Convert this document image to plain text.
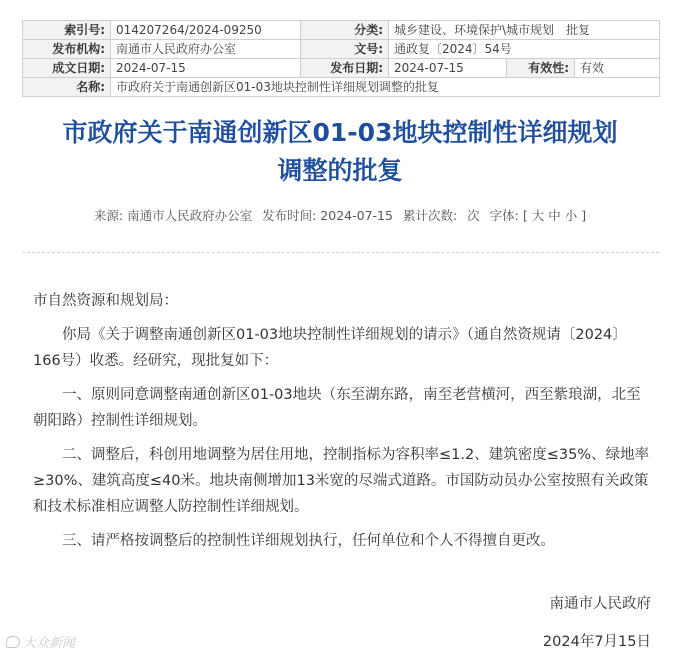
索引号:	014207264/2024-09250	分类:	城乡建设、环境保护\城市规划　批复		
发布机构:	南通市人民政府办公室	文号:	通政复〔2024〕54号		
成文日期:	2024-07-15	发布日期:	2024-07-15	有效性:	有效
名称:	市政府关于南通创新区01-03地块控制性详细规划调整的批复				
市政府关于南通创新区01-03地块控制性详细规划
调整的批复
来源: 南通市人民政府办公室 发布时间: 2024-07-15 累计次数: 次 字体: [ 大 中 小 ]

市自然资源和规划局：

你局《关于调整南通创新区01-03地块控制性详细规划的请示》（通自然资规请〔2024〕166号）收悉。经研究，现批复如下：

一、原则同意调整南通创新区01-03地块（东至湖东路，南至老营横河，西至紫琅湖，北至朝阳路）控制性详细规划。

二、调整后，科创用地调整为居住用地，控制指标为容积率≤1.2、建筑密度≤35%、绿地率≥30%、建筑高度≤40米。地块南侧增加13米宽的尽端式道路。市国防动员办公室按照有关政策和技术标准相应调整人防控制性详细规划。

三、请严格按调整后的控制性详细规划执行，任何单位和个人不得擅自更改。

南通市人民政府
2024年7月15日
大众新闻
